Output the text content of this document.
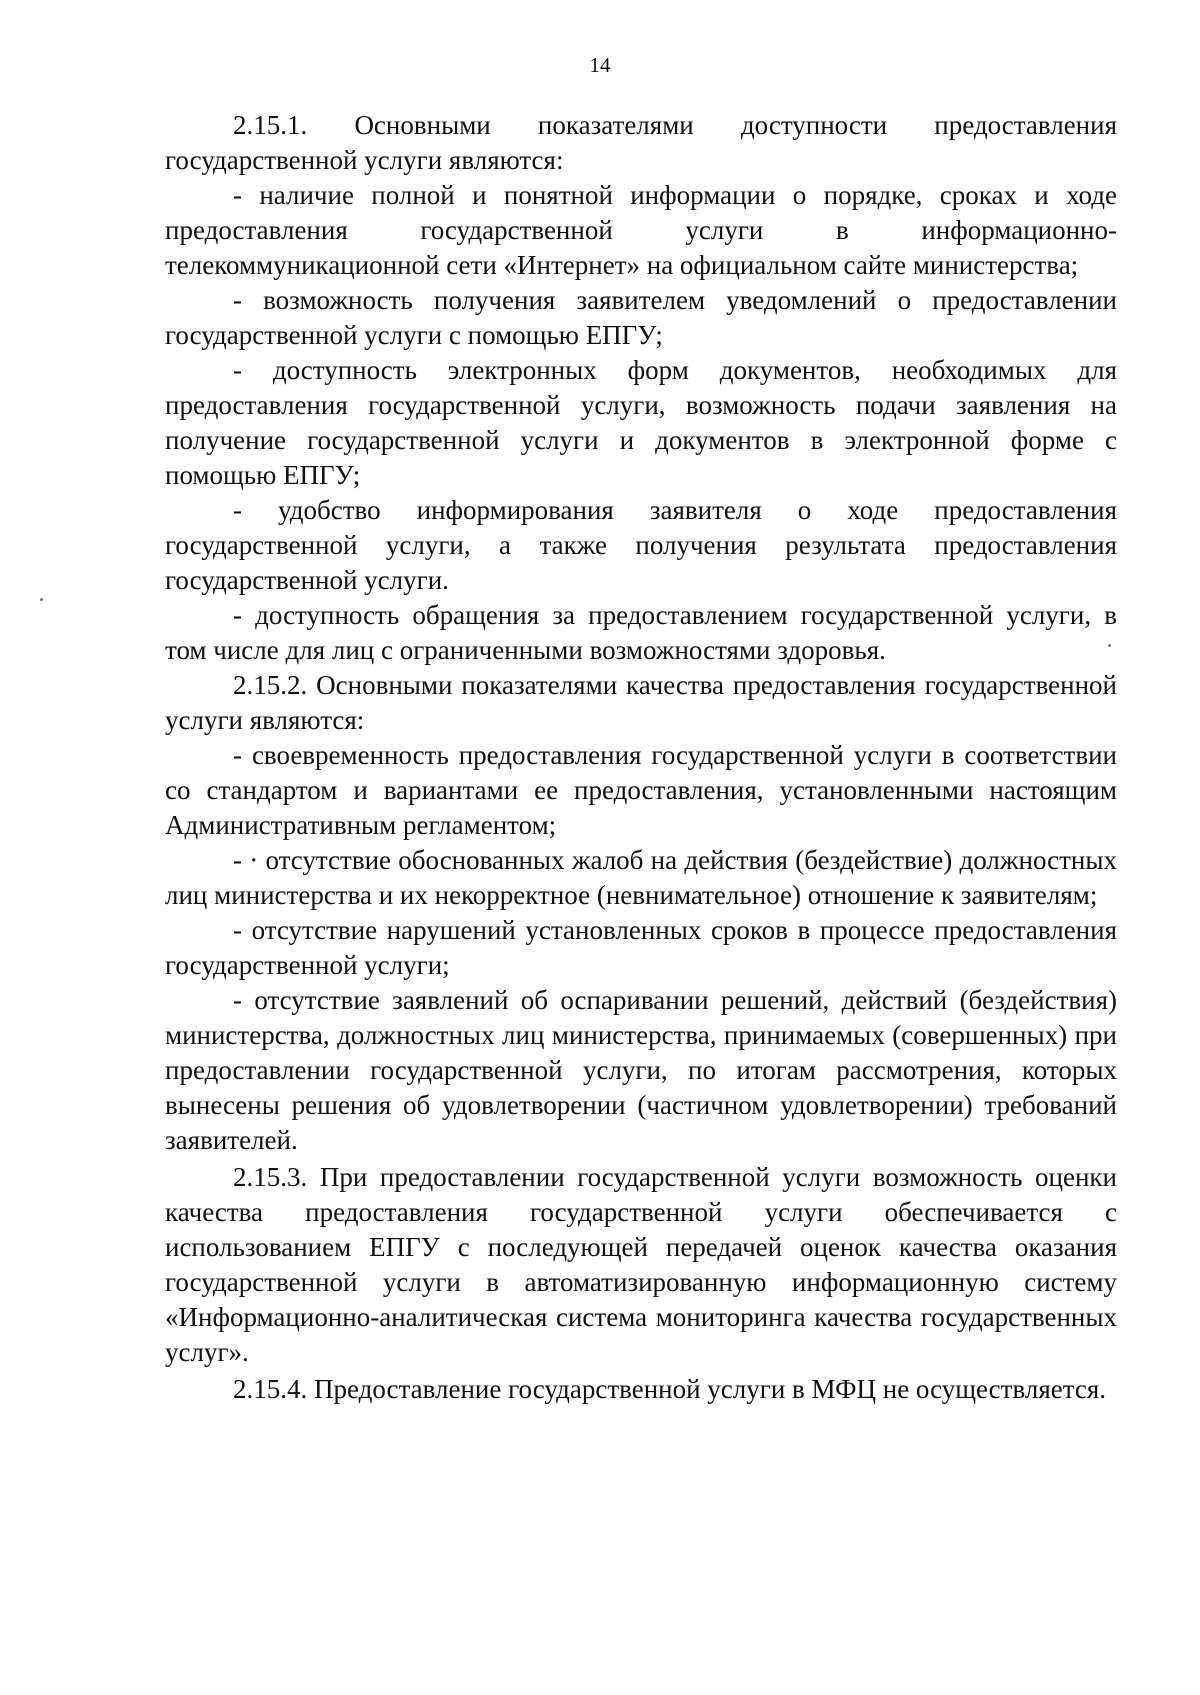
14

2.15.1. Основными показателями доступности предоставления государственной услуги являются:

- наличие полной и понятной информации о порядке, сроках и ходе предоставления государственной услуги в информационно-телекоммуникационной сети «Интернет» на официальном сайте министерства;

- возможность получения заявителем уведомлений о предоставлении государственной услуги с помощью ЕПГУ;

- доступность электронных форм документов, необходимых для предоставления государственной услуги, возможность подачи заявления на получение государственной услуги и документов в электронной форме с помощью ЕПГУ;

- удобство информирования заявителя о ходе предоставления государственной услуги, а также получения результата предоставления государственной услуги.

- доступность обращения за предоставлением государственной услуги, в том числе для лиц с ограниченными возможностями здоровья.

2.15.2. Основными показателями качества предоставления государственной услуги являются:

- своевременность предоставления государственной услуги в соответствии со стандартом и вариантами ее предоставления, установленными настоящим Административным регламентом;

- · отсутствие обоснованных жалоб на действия (бездействие) должностных лиц министерства и их некорректное (невнимательное) отношение к заявителям;

- отсутствие нарушений установленных сроков в процессе предоставления государственной услуги;

- отсутствие заявлений об оспаривании решений, действий (бездействия) министерства, должностных лиц министерства, принимаемых (совершенных) при предоставлении государственной услуги, по итогам рассмотрения, которых вынесены решения об удовлетворении (частичном удовлетворении) требований заявителей.

2.15.3. При предоставлении государственной услуги возможность оценки качества предоставления государственной услуги обеспечивается с использованием ЕПГУ с последующей передачей оценок качества оказания государственной услуги в автоматизированную информационную систему «Информационно-аналитическая система мониторинга качества государственных услуг».

2.15.4. Предоставление государственной услуги в МФЦ не осуществляется.
